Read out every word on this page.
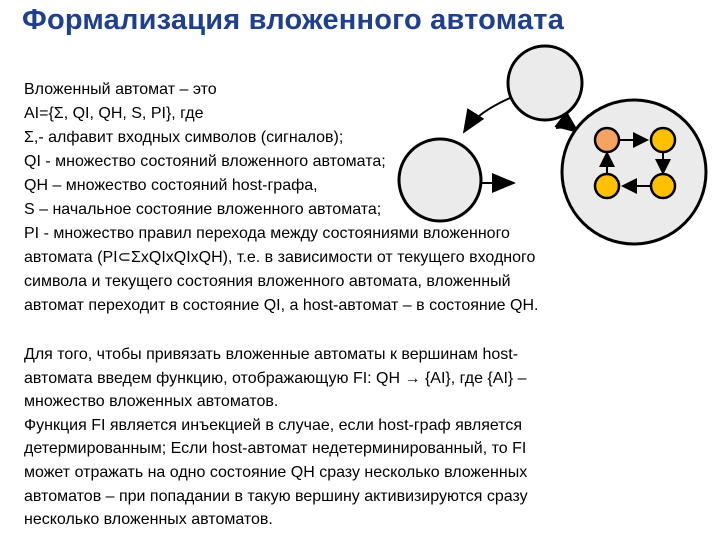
Формализация вложенного автомата
Вложенный автомат – это
AI={Σ, QI, QH, S, PI}, где
Σ,- алфавит входных символов (сигналов);
QI - множество состояний вложенного автомата;
QH – множество состояний host-графа,
S – начальное состояние вложенного автомата;
PI - множество правил перехода между состояниями вложенного
автомата (PI⊂ΣxQIxQIxQH), т.е. в зависимости от текущего входного
символа и текущего состояния вложенного автомата, вложенный
автомат переходит в состояние QI, а host-автомат – в состояние QH.
Для того, чтобы привязать вложенные автоматы к вершинам host-
автомата введем функцию, отображающую FI: QH → {AI}, где {AI} –
множество вложенных автоматов.
Функция FI является инъекцией в случае, если host-граф является
детермированным; Если host-автомат недетерминированный, то FI
может отражать на одно состояние QH сразу несколько вложенных
автоматов – при попадании в такую вершину активизируются сразу
несколько вложенных автоматов.
